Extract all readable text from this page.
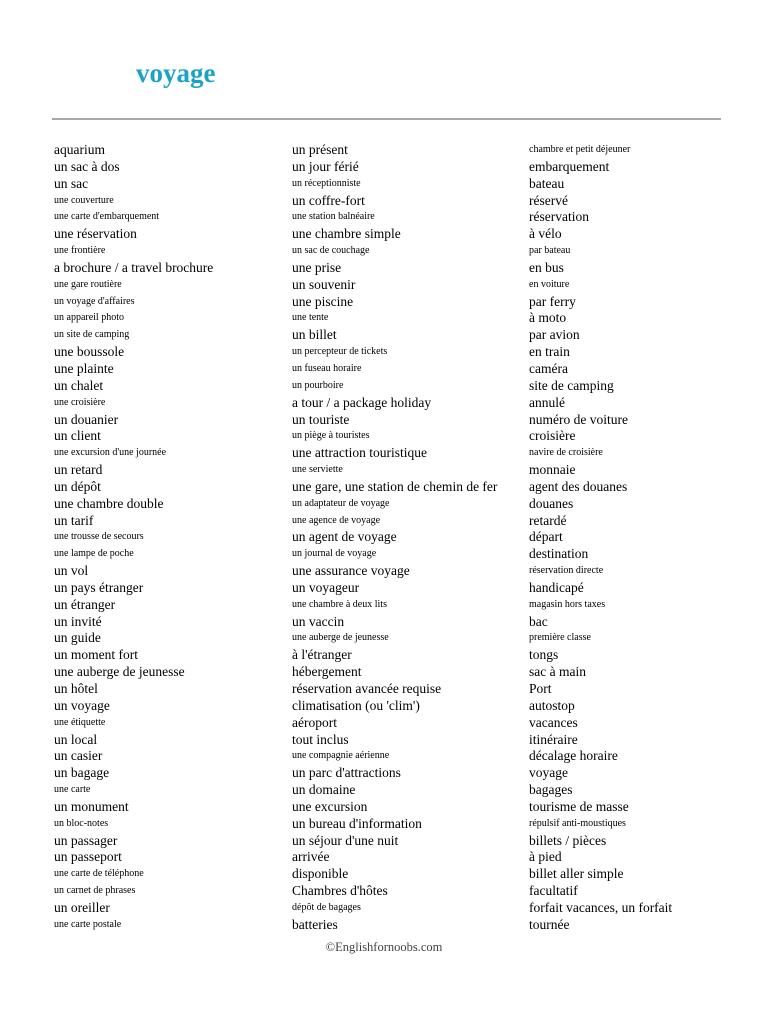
voyage
aquarium
un sac à dos
un sac
une couverture
une carte d'embarquement
une réservation
une frontière
a brochure / a travel brochure
une gare routière
un voyage d'affaires
un appareil photo
un site de camping
une boussole
une plainte
un chalet
une croisière
un douanier
un client
une excursion d'une journée
un retard
un dépôt
une chambre double
un tarif
une trousse de secours
une lampe de poche
un vol
un pays étranger
un étranger
un invité
un guide
un moment fort
une auberge de jeunesse
un hôtel
un voyage
une étiquette
un local
un casier
un bagage
une carte
un monument
un bloc-notes
un passager
un passeport
une carte de téléphone
un carnet de phrases
un oreiller
une carte postale
un présent
un jour férié
un réceptionniste
un coffre-fort
une station balnéaire
une chambre simple
un sac de couchage
une prise
un souvenir
une piscine
une tente
un billet
un percepteur de tickets
un fuseau horaire
un pourboire
a tour / a package holiday
un touriste
un piège à touristes
une attraction touristique
une serviette
une gare, une station de chemin de fer
un adaptateur de voyage
une agence de voyage
un agent de voyage
un journal de voyage
une assurance voyage
un voyageur
une chambre à deux lits
un vaccin
une auberge de jeunesse
à l'étranger
hébergement
réservation avancée requise
climatisation (ou 'clim')
aéroport
tout inclus
une compagnie aérienne
un parc d'attractions
un domaine
une excursion
un bureau d'information
un séjour d'une nuit
arrivée
disponible
Chambres d'hôtes
dépôt de bagages
batteries
chambre et petit déjeuner
embarquement
bateau
réservé
réservation
à vélo
par bateau
en bus
en voiture
par ferry
à moto
par avion
en train
caméra
site de camping
annulé
numéro de voiture
croisière
navire de croisière
monnaie
agent des douanes
douanes
retardé
départ
destination
réservation directe
handicapé
magasin hors taxes
bac
première classe
tongs
sac à main
Port
autostop
vacances
itinéraire
décalage horaire
voyage
bagages
tourisme de masse
répulsif anti-moustiques
billets / pièces
à pied
billet aller simple
facultatif
forfait vacances, un forfait
tournée
©Englishfornoobs.com
